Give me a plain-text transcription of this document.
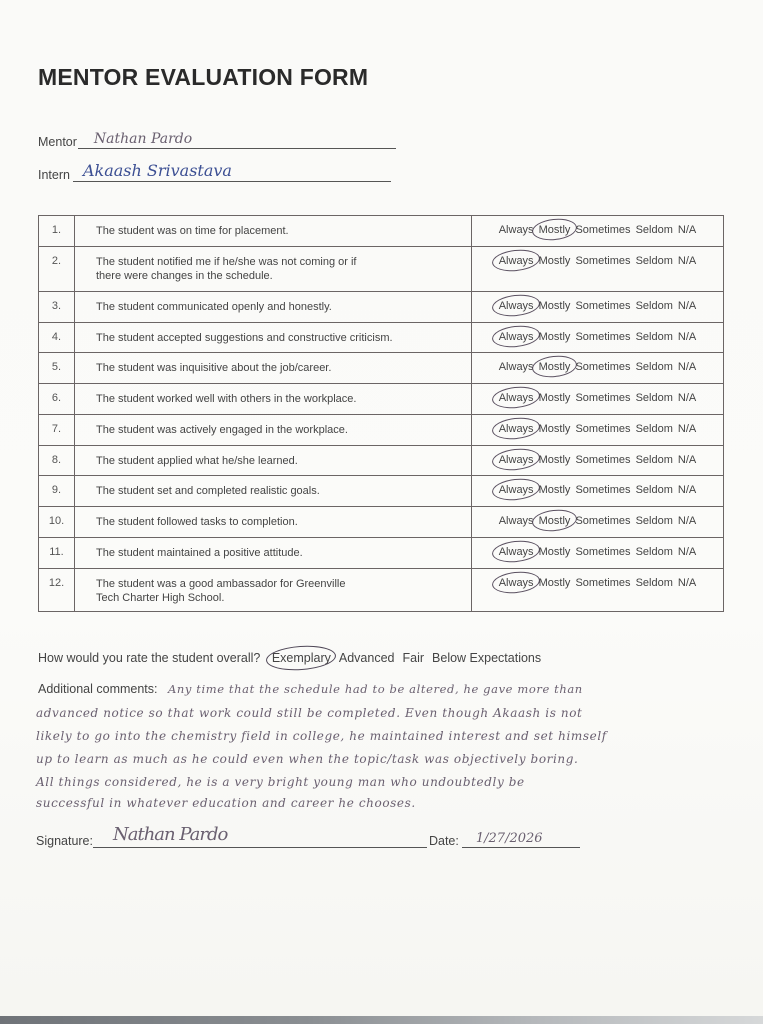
MENTOR EVALUATION FORM
Mentor Nathan Pardo
Intern Akaash Srivastava
1.	The student was on time for placement.	Always Mostly Sometimes Seldom N/A
2.	The student notified me if he/she was not coming or if there were changes in the schedule.	Always Mostly Sometimes Seldom N/A
3.	The student communicated openly and honestly.	Always Mostly Sometimes Seldom N/A
4.	The student accepted suggestions and constructive criticism.	Always Mostly Sometimes Seldom N/A
5.	The student was inquisitive about the job/career.	Always Mostly Sometimes Seldom N/A
6.	The student worked well with others in the workplace.	Always Mostly Sometimes Seldom N/A
7.	The student was actively engaged in the workplace.	Always Mostly Sometimes Seldom N/A
8.	The student applied what he/she learned.	Always Mostly Sometimes Seldom N/A
9.	The student set and completed realistic goals.	Always Mostly Sometimes Seldom N/A
10.	The student followed tasks to completion.	Always Mostly Sometimes Seldom N/A
11.	The student maintained a positive attitude.	Always Mostly Sometimes Seldom N/A
12.	The student was a good ambassador for Greenville Tech Charter High School.	Always Mostly Sometimes Seldom N/A
How would you rate the student overall? Exemplary Advanced Fair Below Expectations
Additional comments: Any time that the schedule had to be altered, he gave more than
advanced notice so that work could still be completed. Even though Akaash is not
likely to go into the chemistry field in college, he maintained interest and set himself
up to learn as much as he could even when the topic/task was objectively boring.
All things considered, he is a very bright young man who undoubtedly be
successful in whatever education and career he chooses.
Signature: Nathan Pardo	Date: 1/27/2026
